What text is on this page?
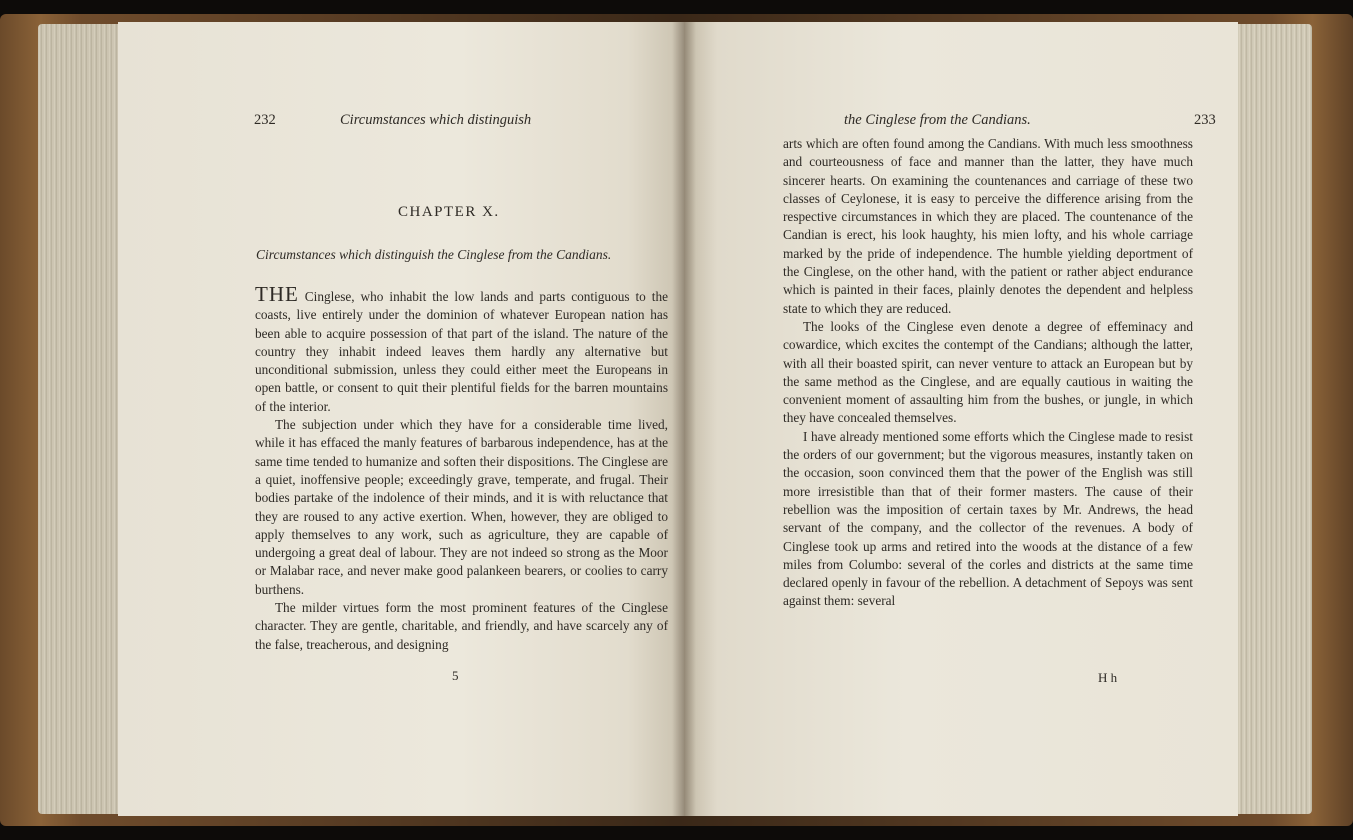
232	Circumstances which distinguish
CHAPTER X.
Circumstances which distinguish the Cinglese from the Candians.

THE Cinglese, who inhabit the low lands and parts contiguous to the coasts, live entirely under the dominion of whatever European nation has been able to acquire possession of that part of the island. The nature of the country they inhabit indeed leaves them hardly any alternative but unconditional submission, unless they could either meet the Europeans in open battle, or consent to quit their plentiful fields for the barren mountains of the interior.

The subjection under which they have for a considerable time lived, while it has effaced the manly features of barbarous independence, has at the same time tended to humanize and soften their dispositions. The Cinglese are a quiet, inoffensive people; exceedingly grave, temperate, and frugal. Their bodies partake of the indolence of their minds, and it is with reluctance that they are roused to any active exertion. When, however, they are obliged to apply themselves to any work, such as agriculture, they are capable of undergoing a great deal of labour. They are not indeed so strong as the Moor or Malabar race, and never make good palankeen bearers, or coolies to carry burthens.

The milder virtues form the most prominent features of the Cinglese character. They are gentle, charitable, and friendly, and have scarcely any of the false, treacherous, and designing

5
the Cinglese from the Candians.	233

arts which are often found among the Candians. With much less smoothness and courteousness of face and manner than the latter, they have much sincerer hearts. On examining the countenances and carriage of these two classes of Ceylonese, it is easy to perceive the difference arising from the respective circumstances in which they are placed. The countenance of the Candian is erect, his look haughty, his mien lofty, and his whole carriage marked by the pride of independence. The humble yielding deportment of the Cinglese, on the other hand, with the patient or rather abject endurance which is painted in their faces, plainly denotes the dependent and helpless state to which they are reduced.

The looks of the Cinglese even denote a degree of effeminacy and cowardice, which excites the contempt of the Candians; although the latter, with all their boasted spirit, can never venture to attack an European but by the same method as the Cinglese, and are equally cautious in waiting the convenient moment of assaulting him from the bushes, or jungle, in which they have concealed themselves.

I have already mentioned some efforts which the Cinglese made to resist the orders of our government; but the vigorous measures, instantly taken on the occasion, soon convinced them that the power of the English was still more irresistible than that of their former masters. The cause of their rebellion was the imposition of certain taxes by Mr. Andrews, the head servant of the company, and the collector of the revenues. A body of Cinglese took up arms and retired into the woods at the distance of a few miles from Columbo: several of the corles and districts at the same time declared openly in favour of the rebellion. A detachment of Sepoys was sent against them: several

H h
